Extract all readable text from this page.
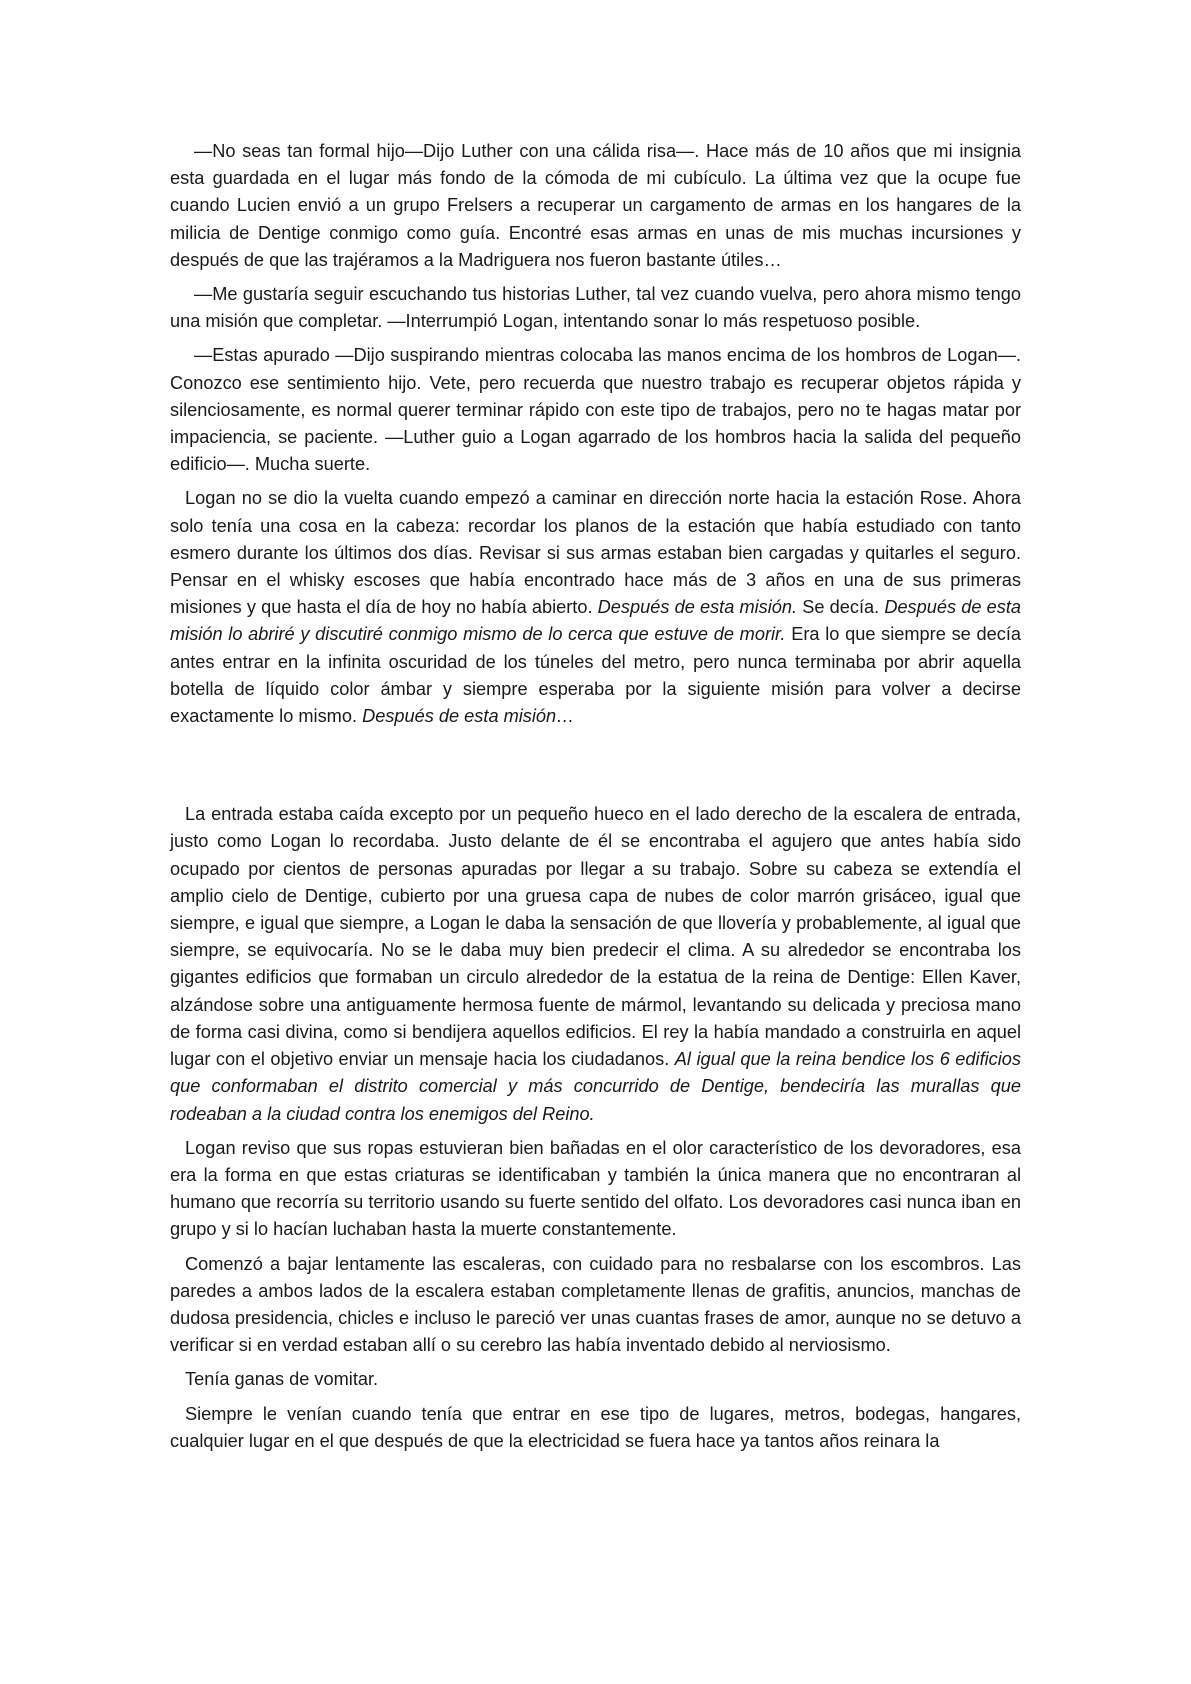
—No seas tan formal hijo—Dijo Luther con una cálida risa—. Hace más de 10 años que mi insignia esta guardada en el lugar más fondo de la cómoda de mi cubículo. La última vez que la ocupe fue cuando Lucien envió a un grupo Frelsers a recuperar un cargamento de armas en los hangares de la milicia de Dentige conmigo como guía. Encontré esas armas en unas de mis muchas incursiones y después de que las trajéramos a la Madriguera nos fueron bastante útiles…

—Me gustaría seguir escuchando tus historias Luther, tal vez cuando vuelva, pero ahora mismo tengo una misión que completar. —Interrumpió Logan, intentando sonar lo más respetuoso posible.

—Estas apurado —Dijo suspirando mientras colocaba las manos encima de los hombros de Logan—. Conozco ese sentimiento hijo. Vete, pero recuerda que nuestro trabajo es recuperar objetos rápida y silenciosamente, es normal querer terminar rápido con este tipo de trabajos, pero no te hagas matar por impaciencia, se paciente. —Luther guio a Logan agarrado de los hombros hacia la salida del pequeño edificio—. Mucha suerte.

Logan no se dio la vuelta cuando empezó a caminar en dirección norte hacia la estación Rose. Ahora solo tenía una cosa en la cabeza: recordar los planos de la estación que había estudiado con tanto esmero durante los últimos dos días. Revisar si sus armas estaban bien cargadas y quitarles el seguro. Pensar en el whisky escoses que había encontrado hace más de 3 años en una de sus primeras misiones y que hasta el día de hoy no había abierto. Después de esta misión. Se decía. Después de esta misión lo abriré y discutiré conmigo mismo de lo cerca que estuve de morir. Era lo que siempre se decía antes entrar en la infinita oscuridad de los túneles del metro, pero nunca terminaba por abrir aquella botella de líquido color ámbar y siempre esperaba por la siguiente misión para volver a decirse exactamente lo mismo. Después de esta misión…

La entrada estaba caída excepto por un pequeño hueco en el lado derecho de la escalera de entrada, justo como Logan lo recordaba. Justo delante de él se encontraba el agujero que antes había sido ocupado por cientos de personas apuradas por llegar a su trabajo. Sobre su cabeza se extendía el amplio cielo de Dentige, cubierto por una gruesa capa de nubes de color marrón grisáceo, igual que siempre, e igual que siempre, a Logan le daba la sensación de que llovería y probablemente, al igual que siempre, se equivocaría. No se le daba muy bien predecir el clima. A su alrededor se encontraba los gigantes edificios que formaban un circulo alrededor de la estatua de la reina de Dentige: Ellen Kaver, alzándose sobre una antiguamente hermosa fuente de mármol, levantando su delicada y preciosa mano de forma casi divina, como si bendijera aquellos edificios. El rey la había mandado a construirla en aquel lugar con el objetivo enviar un mensaje hacia los ciudadanos. Al igual que la reina bendice los 6 edificios que conformaban el distrito comercial y más concurrido de Dentige, bendeciría las murallas que rodeaban a la ciudad contra los enemigos del Reino.

Logan reviso que sus ropas estuvieran bien bañadas en el olor característico de los devoradores, esa era la forma en que estas criaturas se identificaban y también la única manera que no encontraran al humano que recorría su territorio usando su fuerte sentido del olfato. Los devoradores casi nunca iban en grupo y si lo hacían luchaban hasta la muerte constantemente.

Comenzó a bajar lentamente las escaleras, con cuidado para no resbalarse con los escombros. Las paredes a ambos lados de la escalera estaban completamente llenas de grafitis, anuncios, manchas de dudosa presidencia, chicles e incluso le pareció ver unas cuantas frases de amor, aunque no se detuvo a verificar si en verdad estaban allí o su cerebro las había inventado debido al nerviosismo.

Tenía ganas de vomitar.

Siempre le venían cuando tenía que entrar en ese tipo de lugares, metros, bodegas, hangares, cualquier lugar en el que después de que la electricidad se fuera hace ya tantos años reinara la
